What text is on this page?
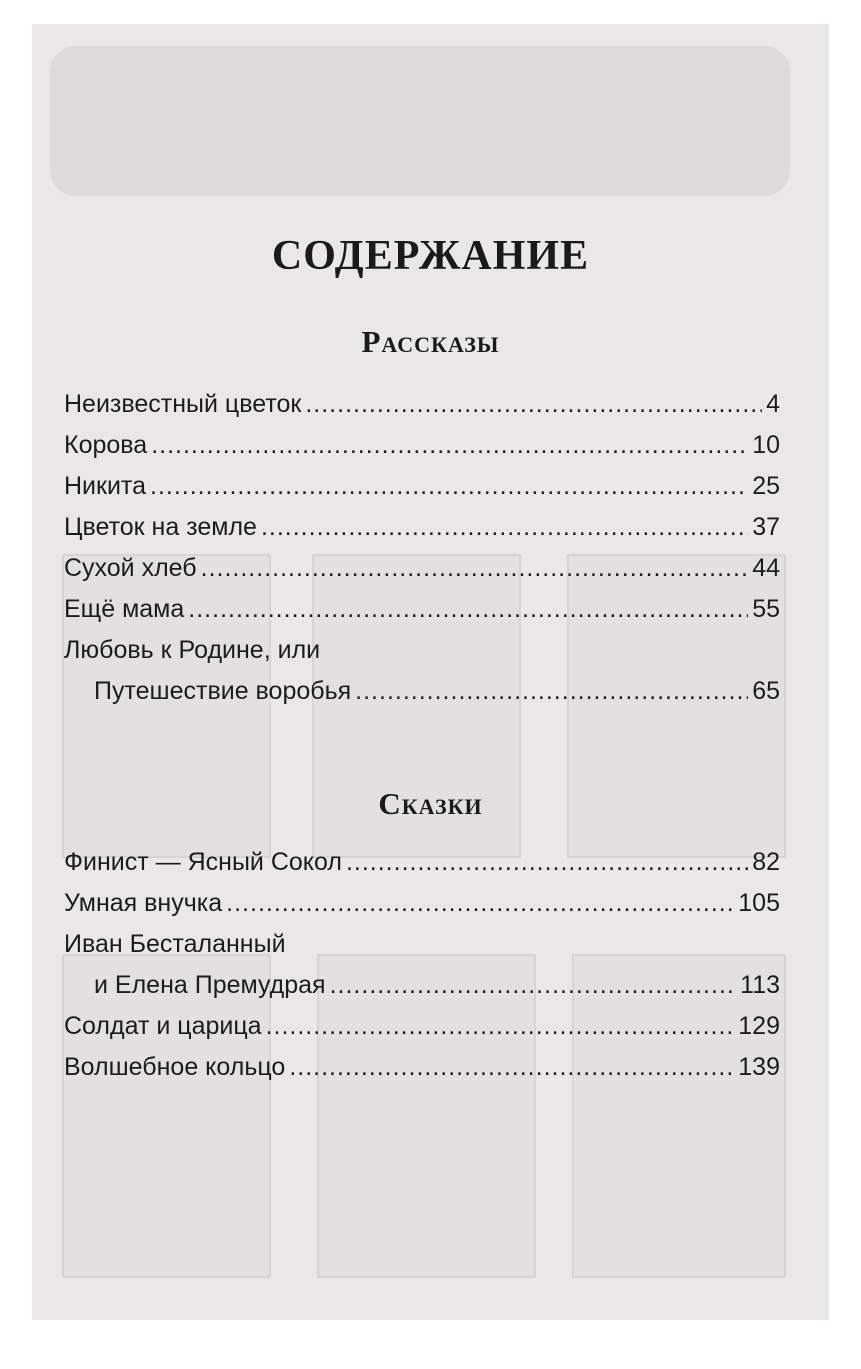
СОДЕРЖАНИЕ
Рассказы
Неизвестный цветок .....	4
Корова .....	10
Никита .....	25
Цветок на земле .....	37
Сухой хлеб .....	44
Ещё мама .....	55
Любовь к Родине, или
Путешествие воробья .....	65
Сказки
Финист — Ясный Сокол .....	82
Умная внучка .....	105
Иван Бесталанный
и Елена Премудрая .....	113
Солдат и царица .....	129
Волшебное кольцо .....	139
